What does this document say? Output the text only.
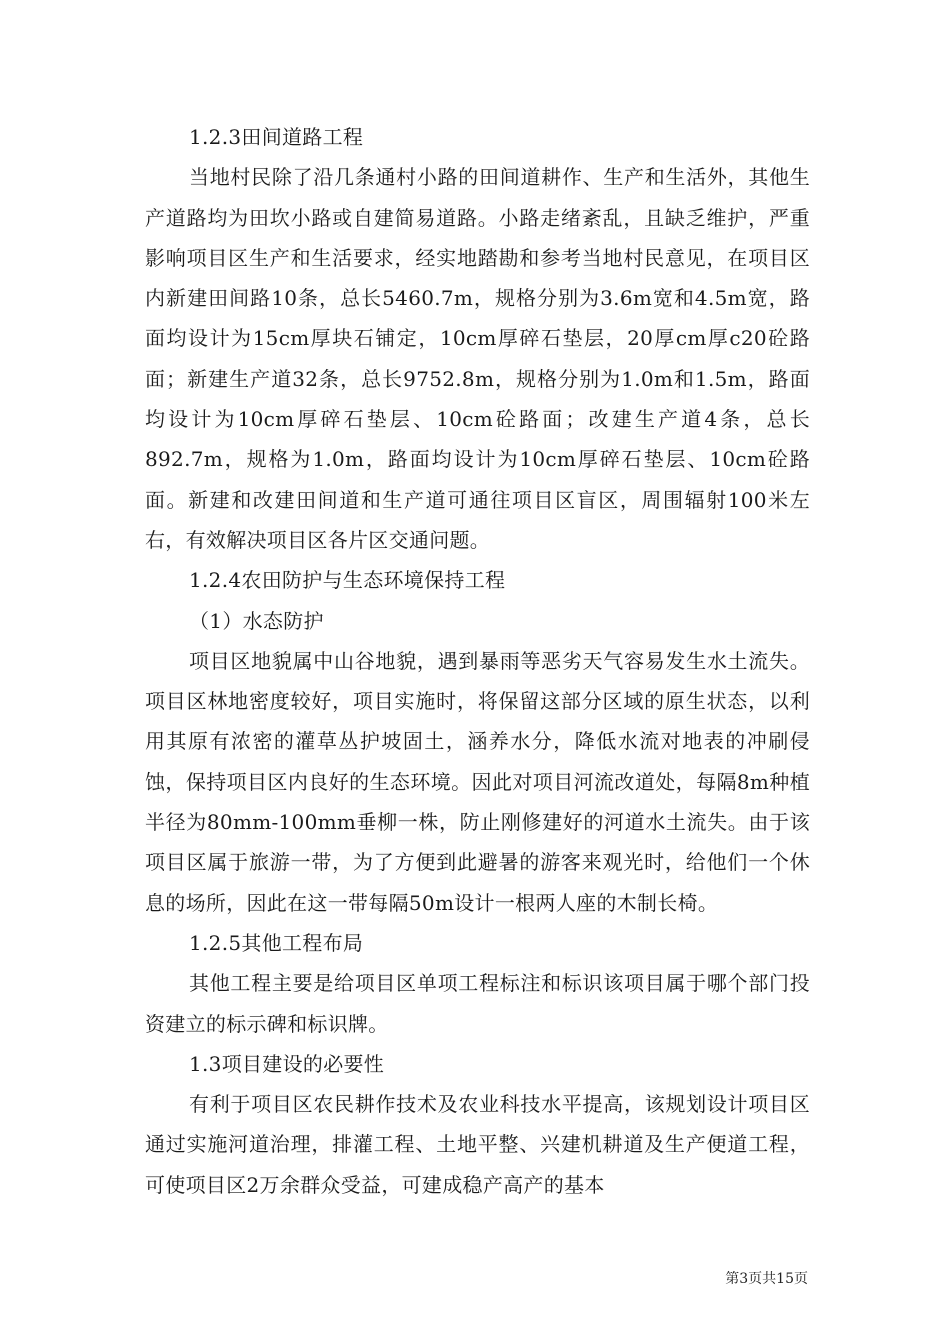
1.2.3田间道路工程

当地村民除了沿几条通村小路的田间道耕作、生产和生活外，其他生产道路均为田坎小路或自建简易道路。小路走绪紊乱，且缺乏维护，严重影响项目区生产和生活要求，经实地踏勘和参考当地村民意见，在项目区内新建田间路10条，总长5460.7m，规格分别为3.6m宽和4.5m宽，路面均设计为15cm厚块石铺定，10cm厚碎石垫层，20厚cm厚c20砼路面；新建生产道32条，总长9752.8m，规格分别为1.0m和1.5m，路面均设计为10cm厚碎石垫层、10cm砼路面；改建生产道4条，总长892.7m，规格为1.0m，路面均设计为10cm厚碎石垫层、10cm砼路面。新建和改建田间道和生产道可通往项目区盲区，周围辐射100米左右，有效解决项目区各片区交通问题。

1.2.4农田防护与生态环境保持工程

（1）水态防护

项目区地貌属中山谷地貌，遇到暴雨等恶劣天气容易发生水土流失。项目区林地密度较好，项目实施时，将保留这部分区域的原生状态，以利用其原有浓密的灌草丛护坡固土，涵养水分，降低水流对地表的冲刷侵蚀，保持项目区内良好的生态环境。因此对项目河流改道处，每隔8m种植半径为80mm-100mm垂柳一株，防止刚修建好的河道水土流失。由于该项目区属于旅游一带，为了方便到此避暑的游客来观光时，给他们一个休息的场所，因此在这一带每隔50m设计一根两人座的木制长椅。

1.2.5其他工程布局

其他工程主要是给项目区单项工程标注和标识该项目属于哪个部门投资建立的标示碑和标识牌。

1.3项目建设的必要性

有利于项目区农民耕作技术及农业科技水平提高，该规划设计项目区通过实施河道治理，排灌工程、土地平整、兴建机耕道及生产便道工程，可使项目区2万余群众受益，可建成稳产高产的基本

第3页共15页
